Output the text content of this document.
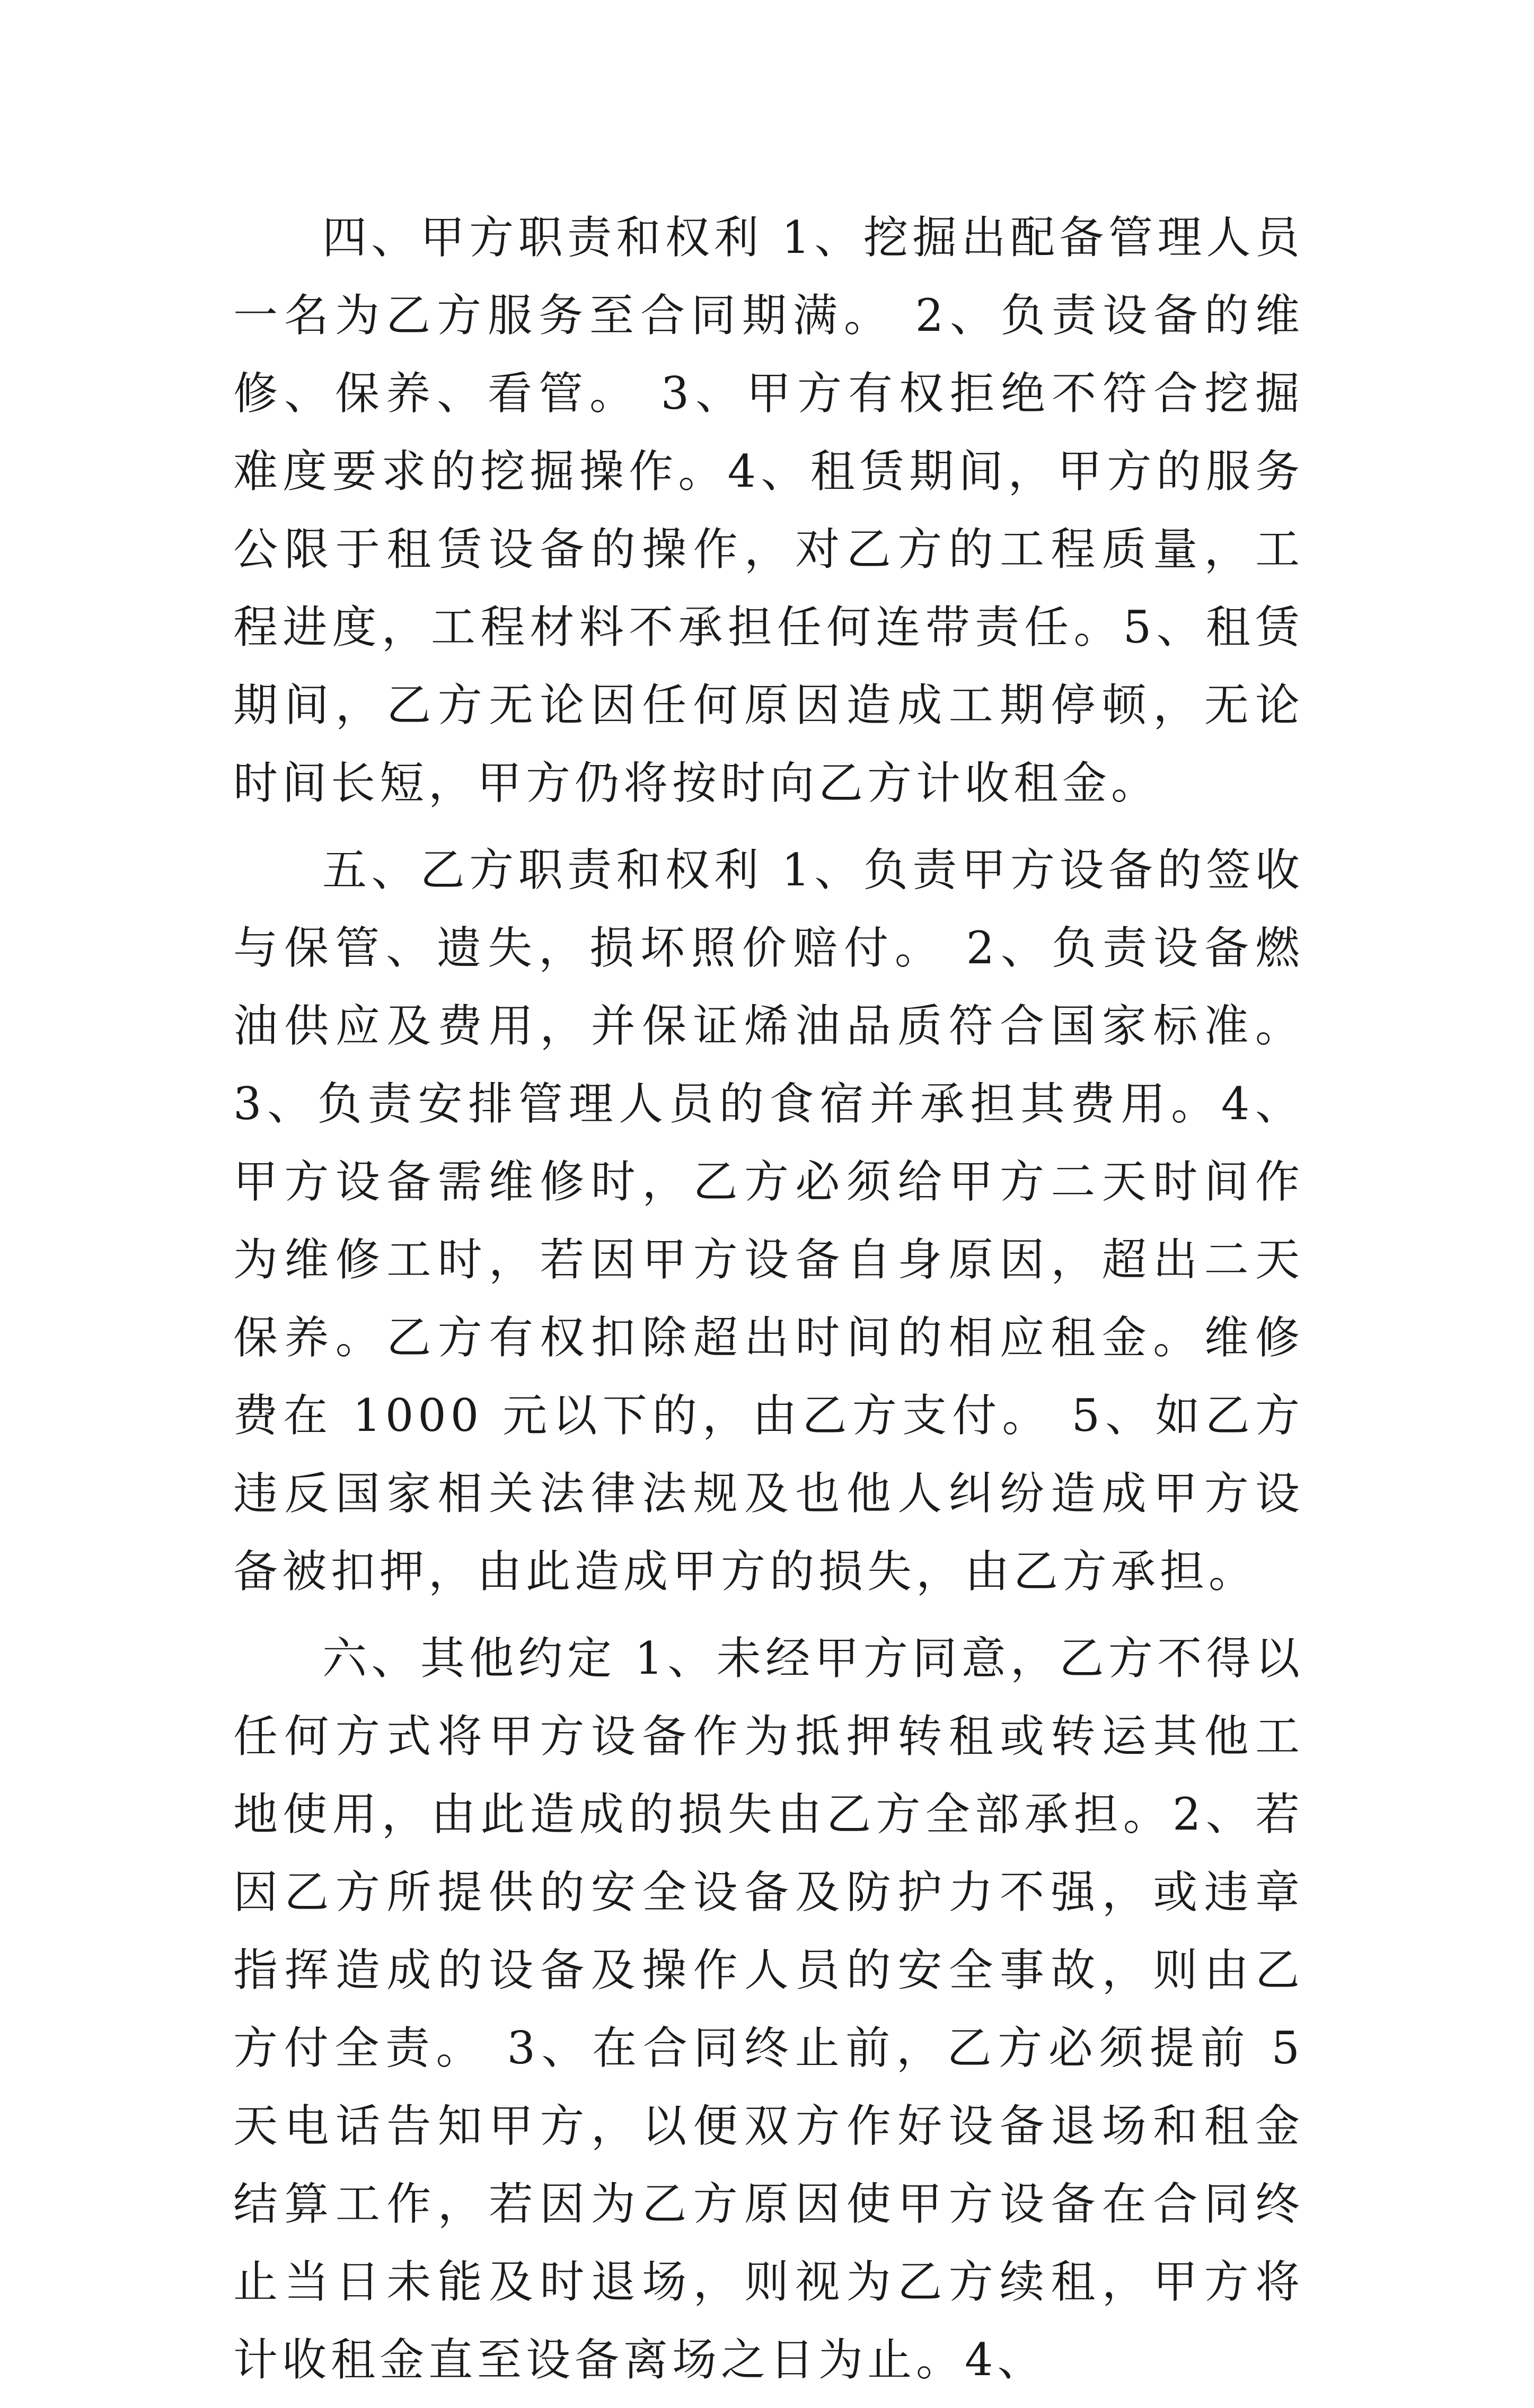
四、甲方职责和权利 1、挖掘出配备管理人员一名为乙方服务至合同期满。 2、负责设备的维修、保养、看管。 3、甲方有权拒绝不符合挖掘难度要求的挖掘操作。4、租赁期间，甲方的服务公限于租赁设备的操作，对乙方的工程质量，工程进度，工程材料不承担任何连带责任。5、租赁期间，乙方无论因任何原因造成工期停顿，无论时间长短，甲方仍将按时向乙方计收租金。

五、乙方职责和权利 1、负责甲方设备的签收与保管、遗失，损坏照价赔付。 2、负责设备燃油供应及费用，并保证烯油品质符合国家标准。3、负责安排管理人员的食宿并承担其费用。4、甲方设备需维修时，乙方必须给甲方二天时间作为维修工时，若因甲方设备自身原因，超出二天保养。乙方有权扣除超出时间的相应租金。维修费在 1000 元以下的，由乙方支付。 5、如乙方违反国家相关法律法规及也他人纠纷造成甲方设备被扣押，由此造成甲方的损失，由乙方承担。

六、其他约定 1、未经甲方同意，乙方不得以任何方式将甲方设备作为抵押转租或转运其他工地使用，由此造成的损失由乙方全部承担。2、若因乙方所提供的安全设备及防护力不强，或违章指挥造成的设备及操作人员的安全事故，则由乙方付全责。 3、在合同终止前，乙方必须提前 5 天电话告知甲方，以便双方作好设备退场和租金结算工作，若因为乙方原因使甲方设备在合同终止当日未能及时退场，则视为乙方续租，甲方将计收租金直至设备离场之日为止。4、
